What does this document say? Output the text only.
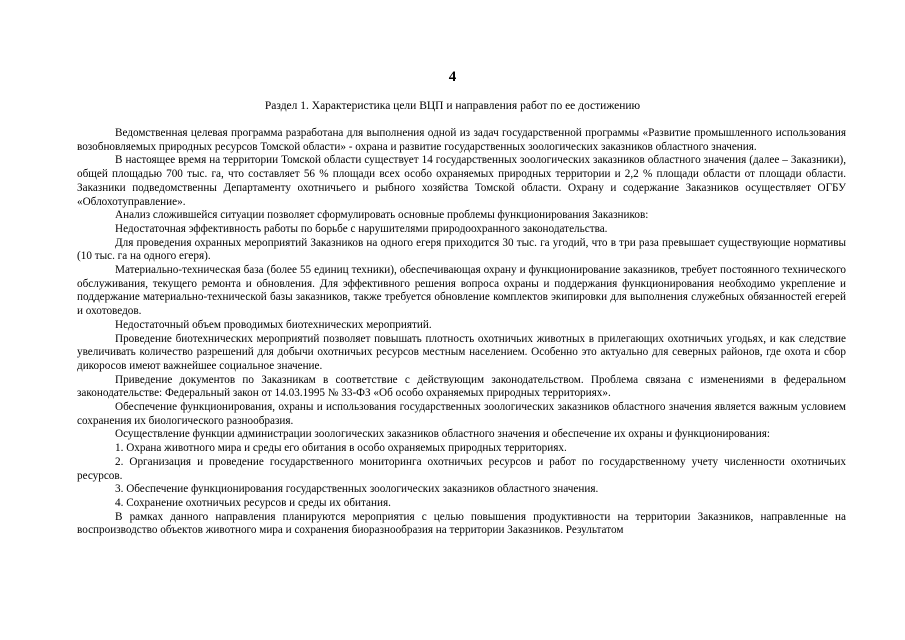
4
Раздел 1. Характеристика цели ВЦП и направления работ по ее достижению

Ведомственная целевая программа разработана для выполнения одной из задач государственной программы «Развитие промышленного использования возобновляемых природных ресурсов Томской области» - охрана и развитие государственных зоологических заказников областного значения.

В настоящее время на территории Томской области существует 14 государственных зоологических заказников областного значения (далее – Заказники), общей площадью 700 тыс. га, что составляет 56 % площади всех особо охраняемых природных территории и 2,2 % площади области от площади области. Заказники подведомственны Департаменту охотничьего и рыбного хозяйства Томской области. Охрану и содержание Заказников осуществляет ОГБУ «Облохотуправление».

Анализ сложившейся ситуации позволяет сформулировать основные проблемы функционирования Заказников:

Недостаточная эффективность работы по борьбе с нарушителями природоохранного законодательства.

Для проведения охранных мероприятий Заказников на одного егеря приходится 30 тыс. га угодий, что в три раза превышает существующие нормативы (10 тыс. га на одного егеря).

Материально-техническая база (более 55 единиц техники), обеспечивающая охрану и функционирование заказников, требует постоянного технического обслуживания, текущего ремонта и обновления. Для эффективного решения вопроса охраны и поддержания функционирования необходимо укрепление и поддержание материально-технической базы заказников, также требуется обновление комплектов экипировки для выполнения служебных обязанностей егерей и охотоведов.

Недостаточный объем проводимых биотехнических мероприятий.

Проведение биотехнических мероприятий позволяет повышать плотность охотничьих животных в прилегающих охотничьих угодьях, и как следствие увеличивать количество разрешений для добычи охотничьих ресурсов местным населением. Особенно это актуально для северных районов, где охота и сбор дикоросов имеют важнейшее социальное значение.

Приведение документов по Заказникам в соответствие с действующим законодательством. Проблема связана с изменениями в федеральном законодательстве: Федеральный закон от 14.03.1995 № 33-ФЗ «Об особо охраняемых природных территориях».

Обеспечение функционирования, охраны и использования государственных зоологических заказников областного значения является важным условием сохранения их биологического разнообразия.

Осуществление функции администрации зоологических заказников областного значения и обеспечение их охраны и функционирования:

1. Охрана животного мира и среды его обитания в особо охраняемых природных территориях.

2. Организация и проведение государственного мониторинга охотничьих ресурсов и работ по государственному учету численности охотничьих ресурсов.

3. Обеспечение функционирования государственных зоологических заказников областного значения.

4. Сохранение охотничьих ресурсов и среды их обитания.

В рамках данного направления планируются мероприятия с целью повышения продуктивности на территории Заказников, направленные на воспроизводство объектов животного мира и сохранения биоразнообразия на территории Заказников. Результатом
